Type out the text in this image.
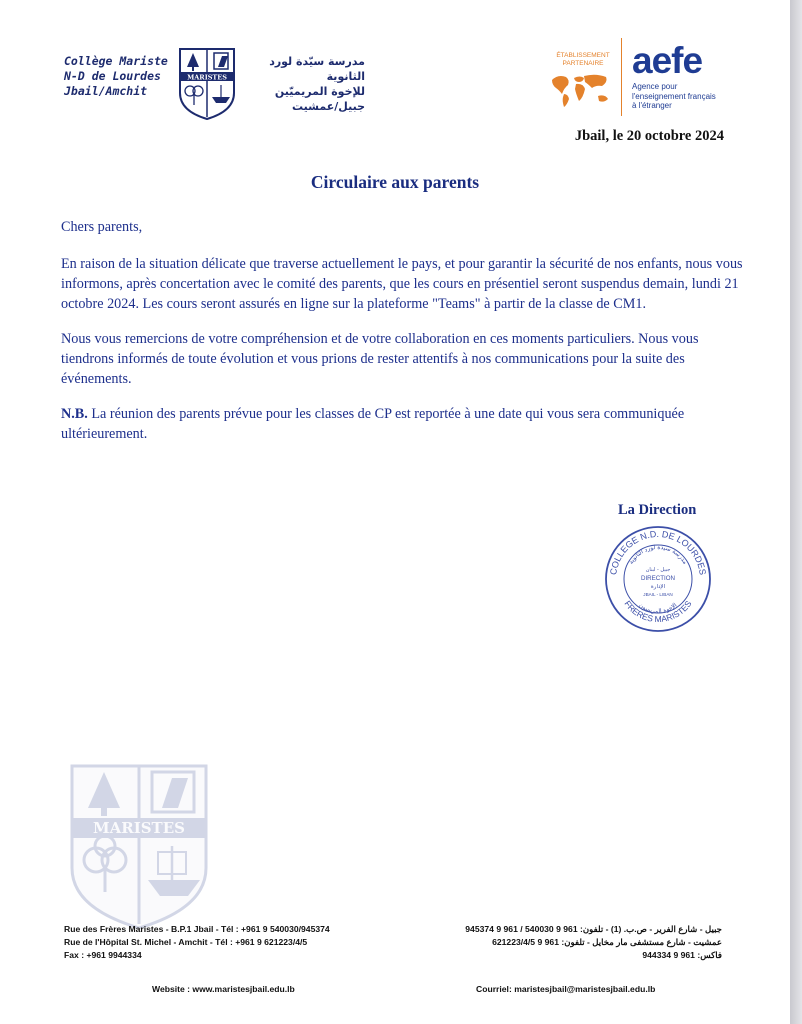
Collège Mariste
N-D de Lourdes
Jbail/Amchit
MARISTES
مدرسة سيّدة لورد الثانوية
للإخوة المريميّين
جبيل/عمشيت
ÉTABLISSEMENT
PARTENAIRE aefe
Agence pour
l'enseignement français
à l'étranger
Jbail, le 20 octobre 2024
Circulaire aux parents

Chers parents,

En raison de la situation délicate que traverse actuellement le pays, et pour garantir la sécurité de nos enfants, nous vous informons, après concertation avec le comité des parents, que les cours en présentiel seront suspendus demain, lundi 21 octobre 2024. Les cours seront assurés en ligne sur la plateforme "Teams" à partir de la classe de CM1.

Nous vous remercions de votre compréhension et de votre collaboration en ces moments particuliers. Nous vous tiendrons informés de toute évolution et vous prions de rester attentifs à nos communications pour la suite des événements.

N.B. La réunion des parents prévue pour les classes de CP est reportée à une date qui vous sera communiquée ultérieurement.

La Direction
COLLEGE N.D. DE LOURDES
مدرسة سيدة لورد الثانوية
جبيل - لبنان
DIRECTION
الإدارة
JBAIL - LIBAN
FRERES MARISTES
الإخوة المريميون
MARISTES
Rue des Frères Maristes - B.P.1 Jbail - Tél : +961 9 540030/945374
Rue de l'Hôpital St. Michel - Amchit - Tél : +961 9 621223/4/5
Fax : +961 9944334
جبيل - شارع الفرير - ص.ب. (1) - تلفون: 961 9 540030 / 961 9 945374
عمشيت - شارع مستشفى مار مخايل - تلفون: 961 9 621223/4/5
فاكس: 961 9 944334
Website : www.maristesjbail.edu.lb	Courriel: maristesjbail@maristesjbail.edu.lb
